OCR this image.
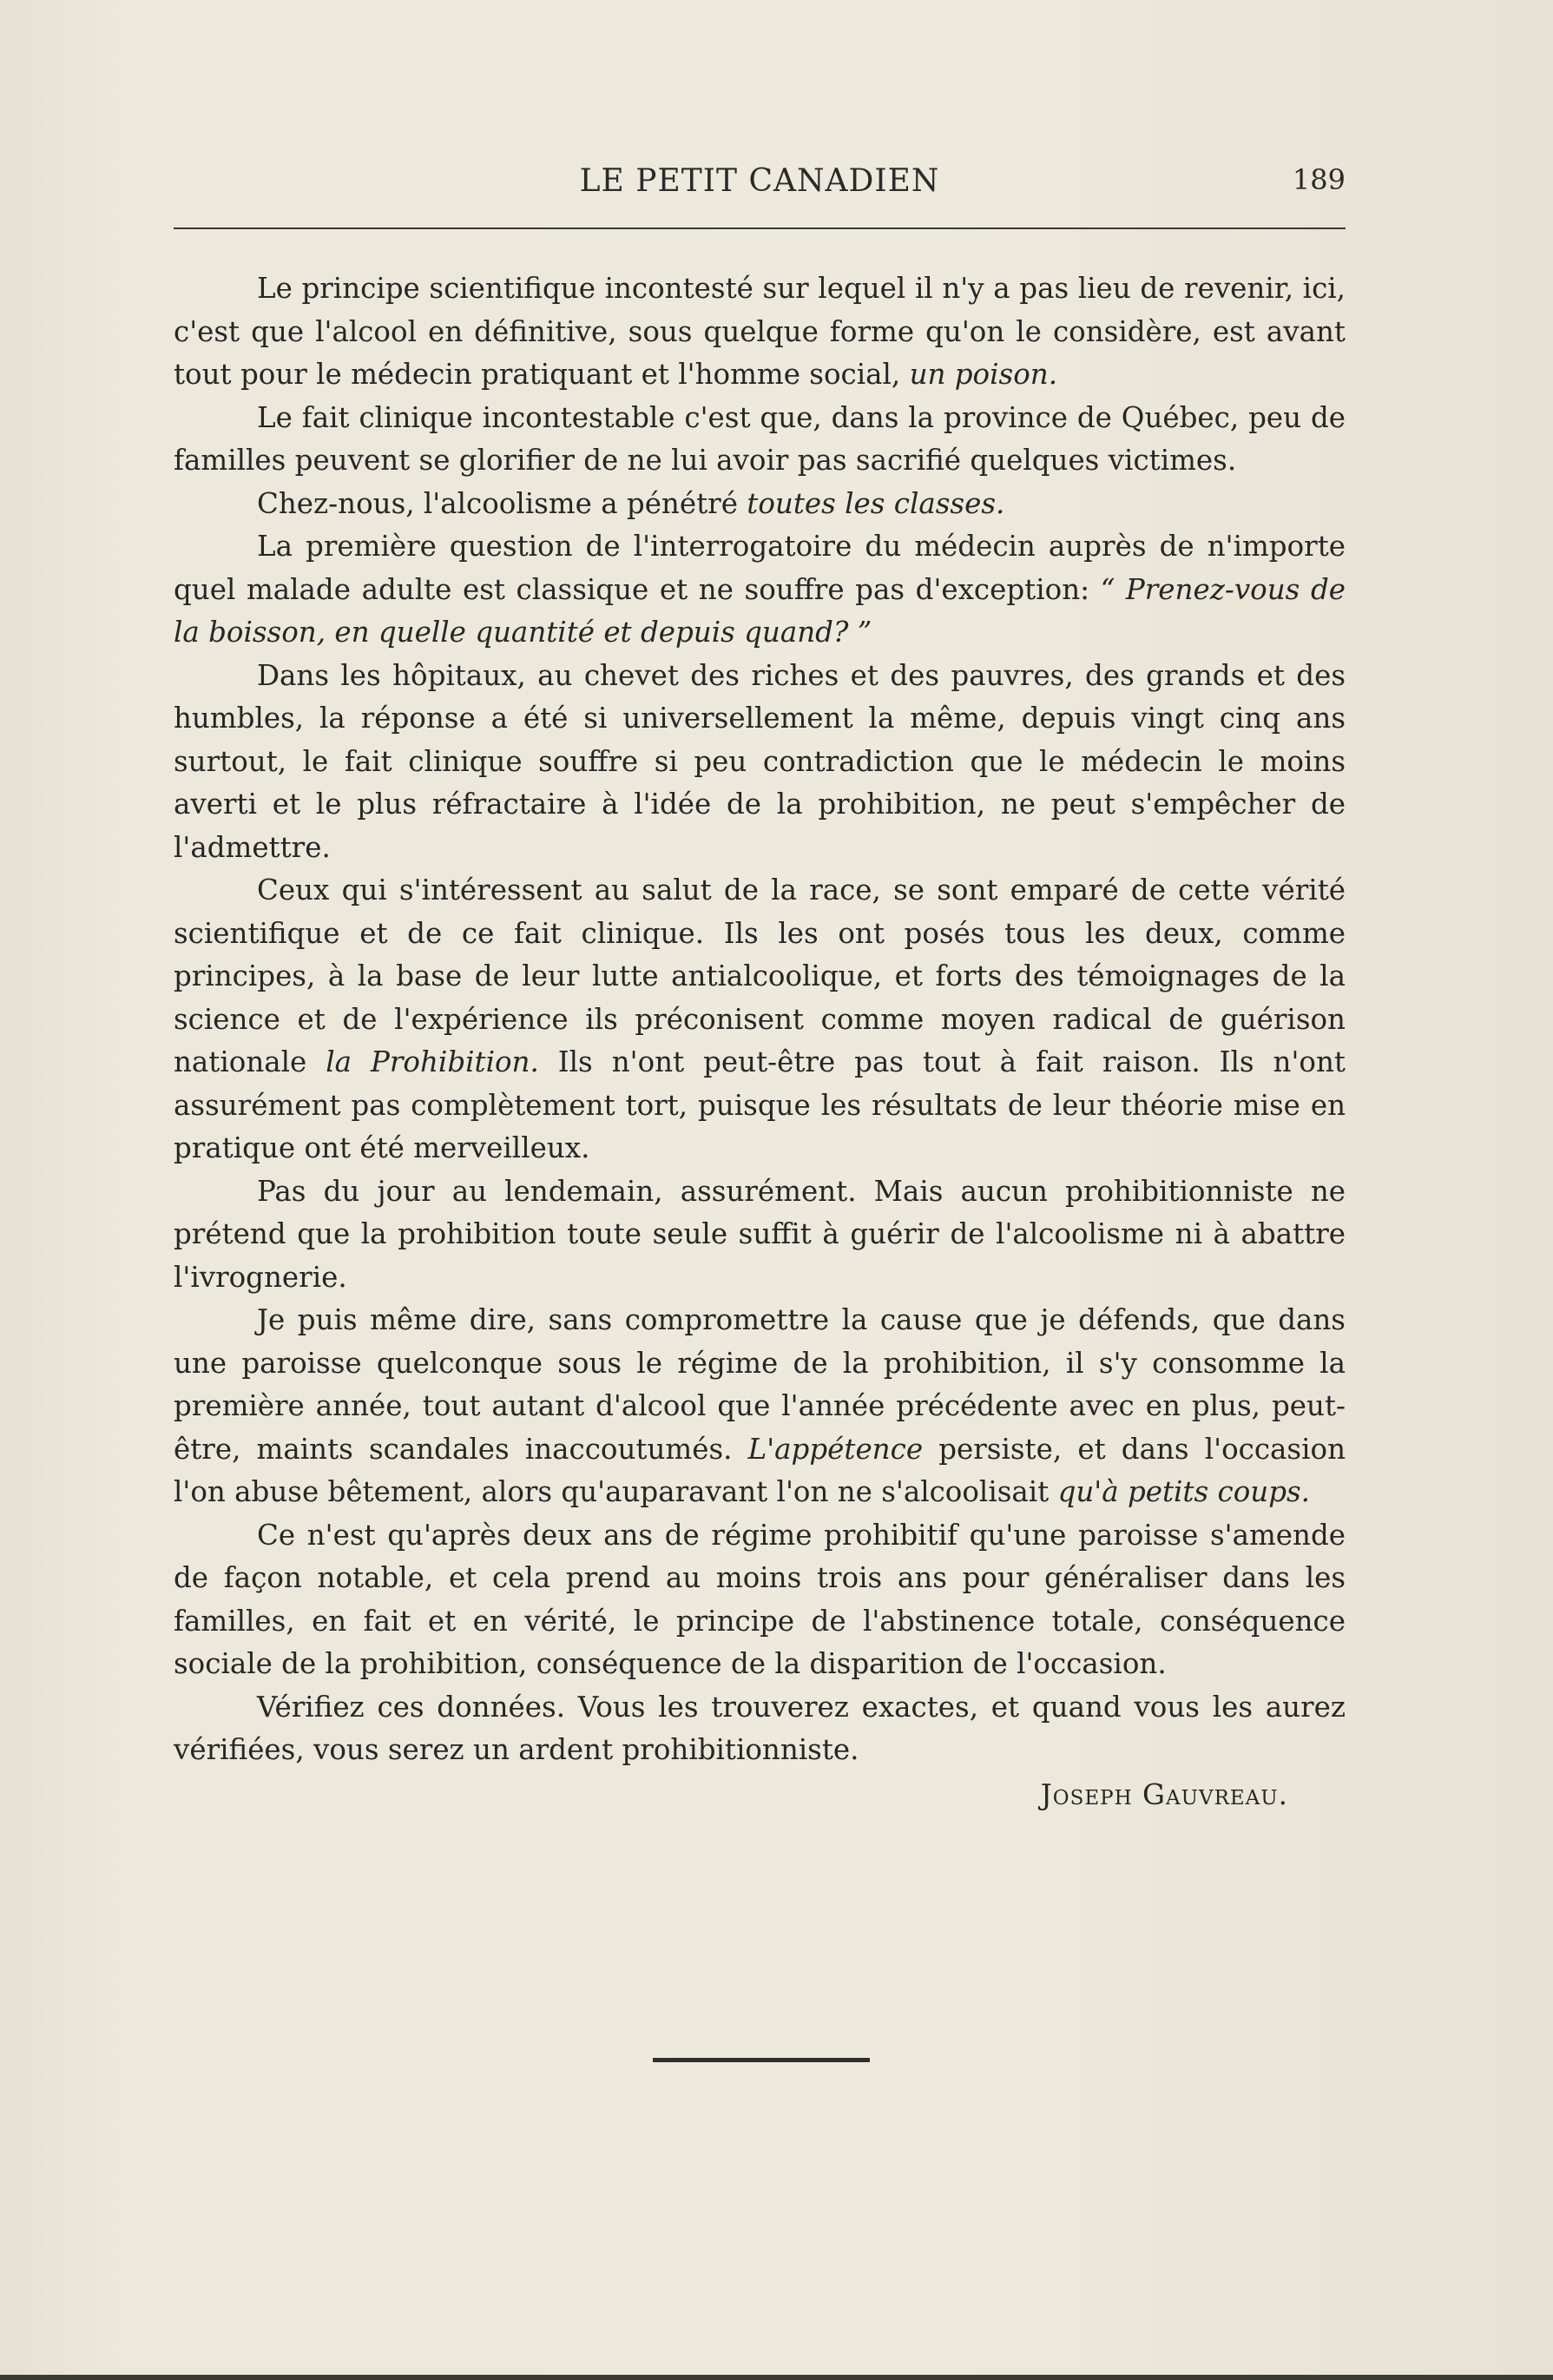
LE PETIT CANADIEN	189

Le principe scientifique incontesté sur lequel il n'y a pas lieu de revenir, ici, c'est que l'alcool en définitive, sous quelque forme qu'on le considère, est avant tout pour le médecin pratiquant et l'homme social, un poison.

Le fait clinique incontestable c'est que, dans la province de Québec, peu de familles peuvent se glorifier de ne lui avoir pas sacrifié quelques victimes.

Chez-nous, l'alcoolisme a pénétré toutes les classes.

La première question de l'interrogatoire du médecin auprès de n'importe quel malade adulte est classique et ne souffre pas d'exception: “ Prenez-vous de la boisson, en quelle quantité et depuis quand? ”

Dans les hôpitaux, au chevet des riches et des pauvres, des grands et des humbles, la réponse a été si universellement la même, depuis vingt cinq ans surtout, le fait clinique souffre si peu contradiction que le médecin le moins averti et le plus réfractaire à l'idée de la prohibition, ne peut s'empêcher de l'admettre.

Ceux qui s'intéressent au salut de la race, se sont emparé de cette vérité scientifique et de ce fait clinique. Ils les ont posés tous les deux, comme principes, à la base de leur lutte antialcoolique, et forts des témoignages de la science et de l'expérience ils préconisent comme moyen radical de guérison nationale la Prohibition. Ils n'ont peut-être pas tout à fait raison. Ils n'ont assurément pas complètement tort, puisque les résultats de leur théorie mise en pratique ont été merveilleux.

Pas du jour au lendemain, assurément. Mais aucun prohibitionniste ne prétend que la prohibition toute seule suffit à guérir de l'alcoolisme ni à abattre l'ivrognerie.

Je puis même dire, sans compromettre la cause que je défends, que dans une paroisse quelconque sous le régime de la prohibition, il s'y consomme la première année, tout autant d'alcool que l'année précédente avec en plus, peut-être, maints scandales inaccoutumés. L'appétence persiste, et dans l'occasion l'on abuse bêtement, alors qu'auparavant l'on ne s'alcoolisait qu'à petits coups.

Ce n'est qu'après deux ans de régime prohibitif qu'une paroisse s'amende de façon notable, et cela prend au moins trois ans pour généraliser dans les familles, en fait et en vérité, le principe de l'abstinence totale, conséquence sociale de la prohibition, conséquence de la disparition de l'occasion.

Vérifiez ces données. Vous les trouverez exactes, et quand vous les aurez vérifiées, vous serez un ardent prohibitionniste.

Joseph Gauvreau.
